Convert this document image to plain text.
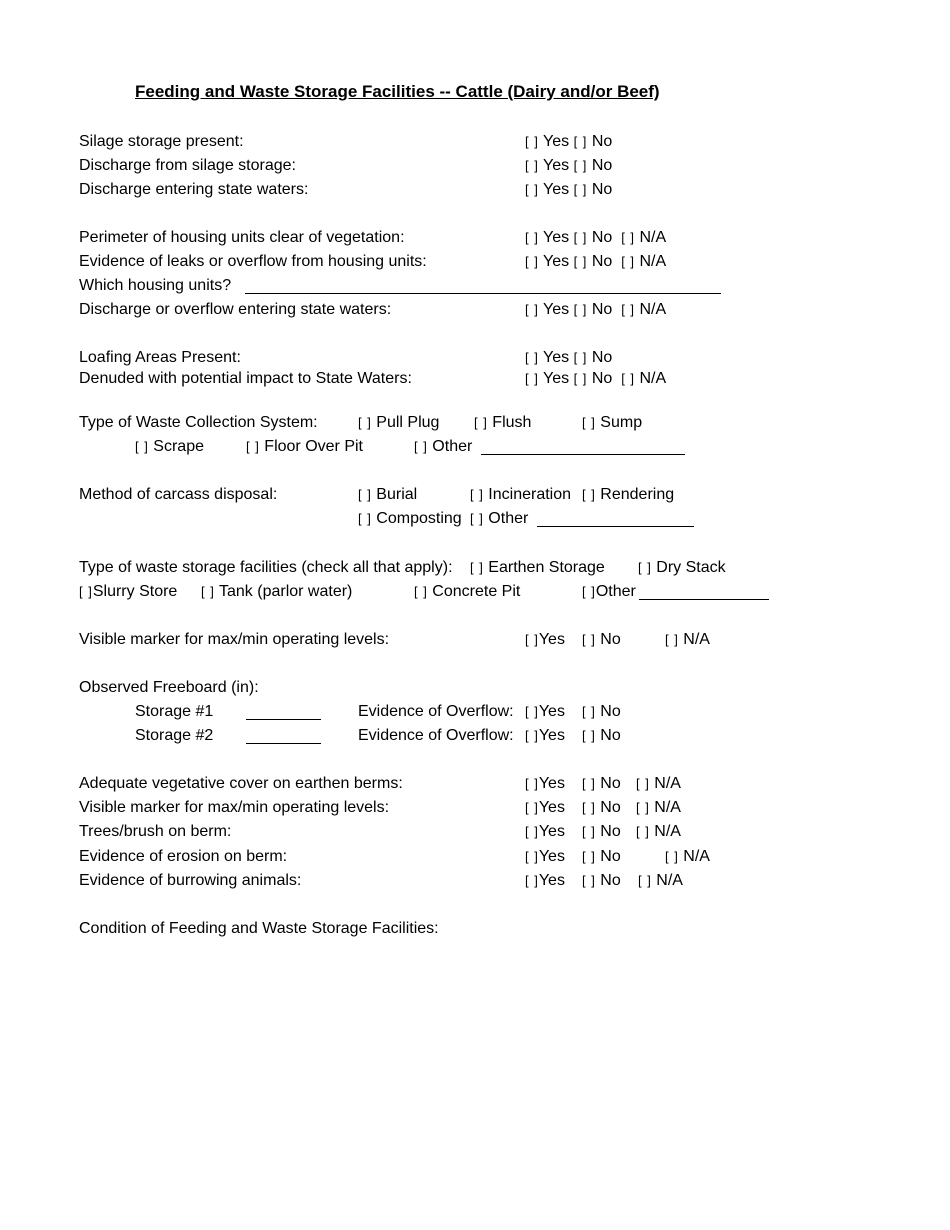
Feeding and Waste Storage Facilities -- Cattle (Dairy and/or Beef)
Silage storage present:	[ ] Yes [ ] No
Discharge from silage storage:	[ ] Yes [ ] No
Discharge entering state waters:	[ ] Yes [ ] No
Perimeter of housing units clear of vegetation:	[ ] Yes [ ] No [ ] N/A
Evidence of leaks or overflow from housing units:	[ ] Yes [ ] No [ ] N/A
Which housing units?
Discharge or overflow entering state waters:	[ ] Yes [ ] No [ ] N/A
Loafing Areas Present:	[ ] Yes [ ] No
Denuded with potential impact to State Waters:	[ ] Yes [ ] No [ ] N/A
Type of Waste Collection System:	[ ] Pull Plug	[ ] Flush	[ ] Sump
[ ] Scrape	[ ] Floor Over Pit	[ ] Other
Method of carcass disposal:	[ ] Burial	[ ] Incineration [ ] Rendering
[ ] Composting [ ] Other
Type of waste storage facilities (check all that apply): [ ] Earthen Storage	[ ] Dry Stack
[ ]Slurry Store [ ] Tank (parlor water)	[ ] Concrete Pit	[ ]Other
Visible marker for max/min operating levels:	[ ]Yes [ ] No	[ ] N/A
Observed Freeboard (in):
Storage #1	Evidence of Overflow: [ ]Yes [ ] No
Storage #2	Evidence of Overflow: [ ]Yes [ ] No
Adequate vegetative cover on earthen berms:	[ ]Yes [ ] No [ ] N/A
Visible marker for max/min operating levels:	[ ]Yes [ ] No [ ] N/A
Trees/brush on berm:	[ ]Yes [ ] No [ ] N/A
Evidence of erosion on berm:	[ ]Yes [ ] No	[ ] N/A
Evidence of burrowing animals:	[ ]Yes [ ] No [ ] N/A
Condition of Feeding and Waste Storage Facilities:
